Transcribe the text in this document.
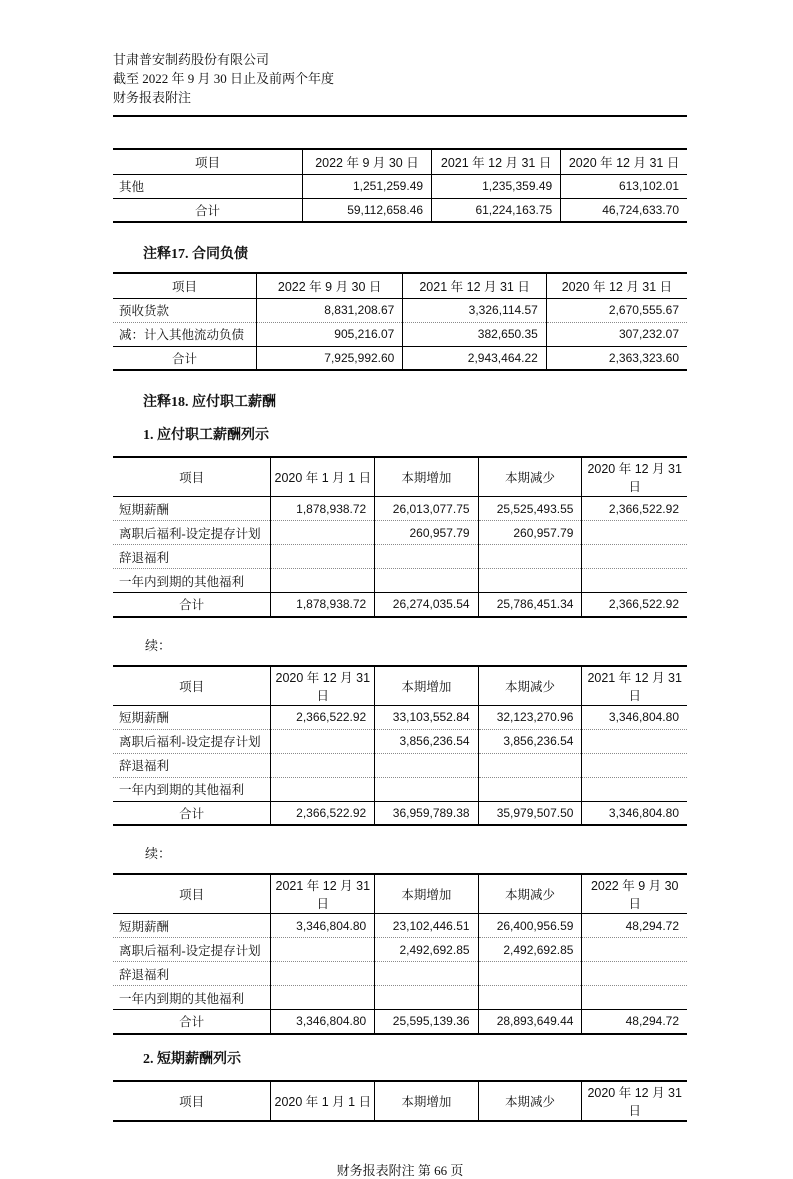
甘肃普安制药股份有限公司
截至 2022 年 9 月 30 日止及前两个年度
财务报表附注
项目	2022 年 9 月 30 日	2021 年 12 月 31 日	2020 年 12 月 31 日
其他	1,251,259.49	1,235,359.49	613,102.01
合计	59,112,658.46	61,224,163.75	46,724,633.70
注释17. 合同负债
项目	2022 年 9 月 30 日	2021 年 12 月 31 日	2020 年 12 月 31 日
预收货款	8,831,208.67	3,326,114.57	2,670,555.67
减：计入其他流动负债	905,216.07	382,650.35	307,232.07
合计	7,925,992.60	2,943,464.22	2,363,323.60
注释18. 应付职工薪酬
1. 应付职工薪酬列示
项目	2020 年 1 月 1 日	本期增加	本期减少	2020 年 12 月 31 日
短期薪酬	1,878,938.72	26,013,077.75	25,525,493.55	2,366,522.92
离职后福利-设定提存计划		260,957.79	260,957.79	
辞退福利				
一年内到期的其他福利				
合计	1,878,938.72	26,274,035.54	25,786,451.34	2,366,522.92
续：
项目	2020 年 12 月 31 日	本期增加	本期减少	2021 年 12 月 31 日
短期薪酬	2,366,522.92	33,103,552.84	32,123,270.96	3,346,804.80
离职后福利-设定提存计划		3,856,236.54	3,856,236.54	
辞退福利				
一年内到期的其他福利				
合计	2,366,522.92	36,959,789.38	35,979,507.50	3,346,804.80
续：
项目	2021 年 12 月 31 日	本期增加	本期减少	2022 年 9 月 30 日
短期薪酬	3,346,804.80	23,102,446.51	26,400,956.59	48,294.72
离职后福利-设定提存计划		2,492,692.85	2,492,692.85	
辞退福利				
一年内到期的其他福利				
合计	3,346,804.80	25,595,139.36	28,893,649.44	48,294.72
2. 短期薪酬列示
项目	2020 年 1 月 1 日	本期增加	本期减少	2020 年 12 月 31 日
财务报表附注 第 66 页
